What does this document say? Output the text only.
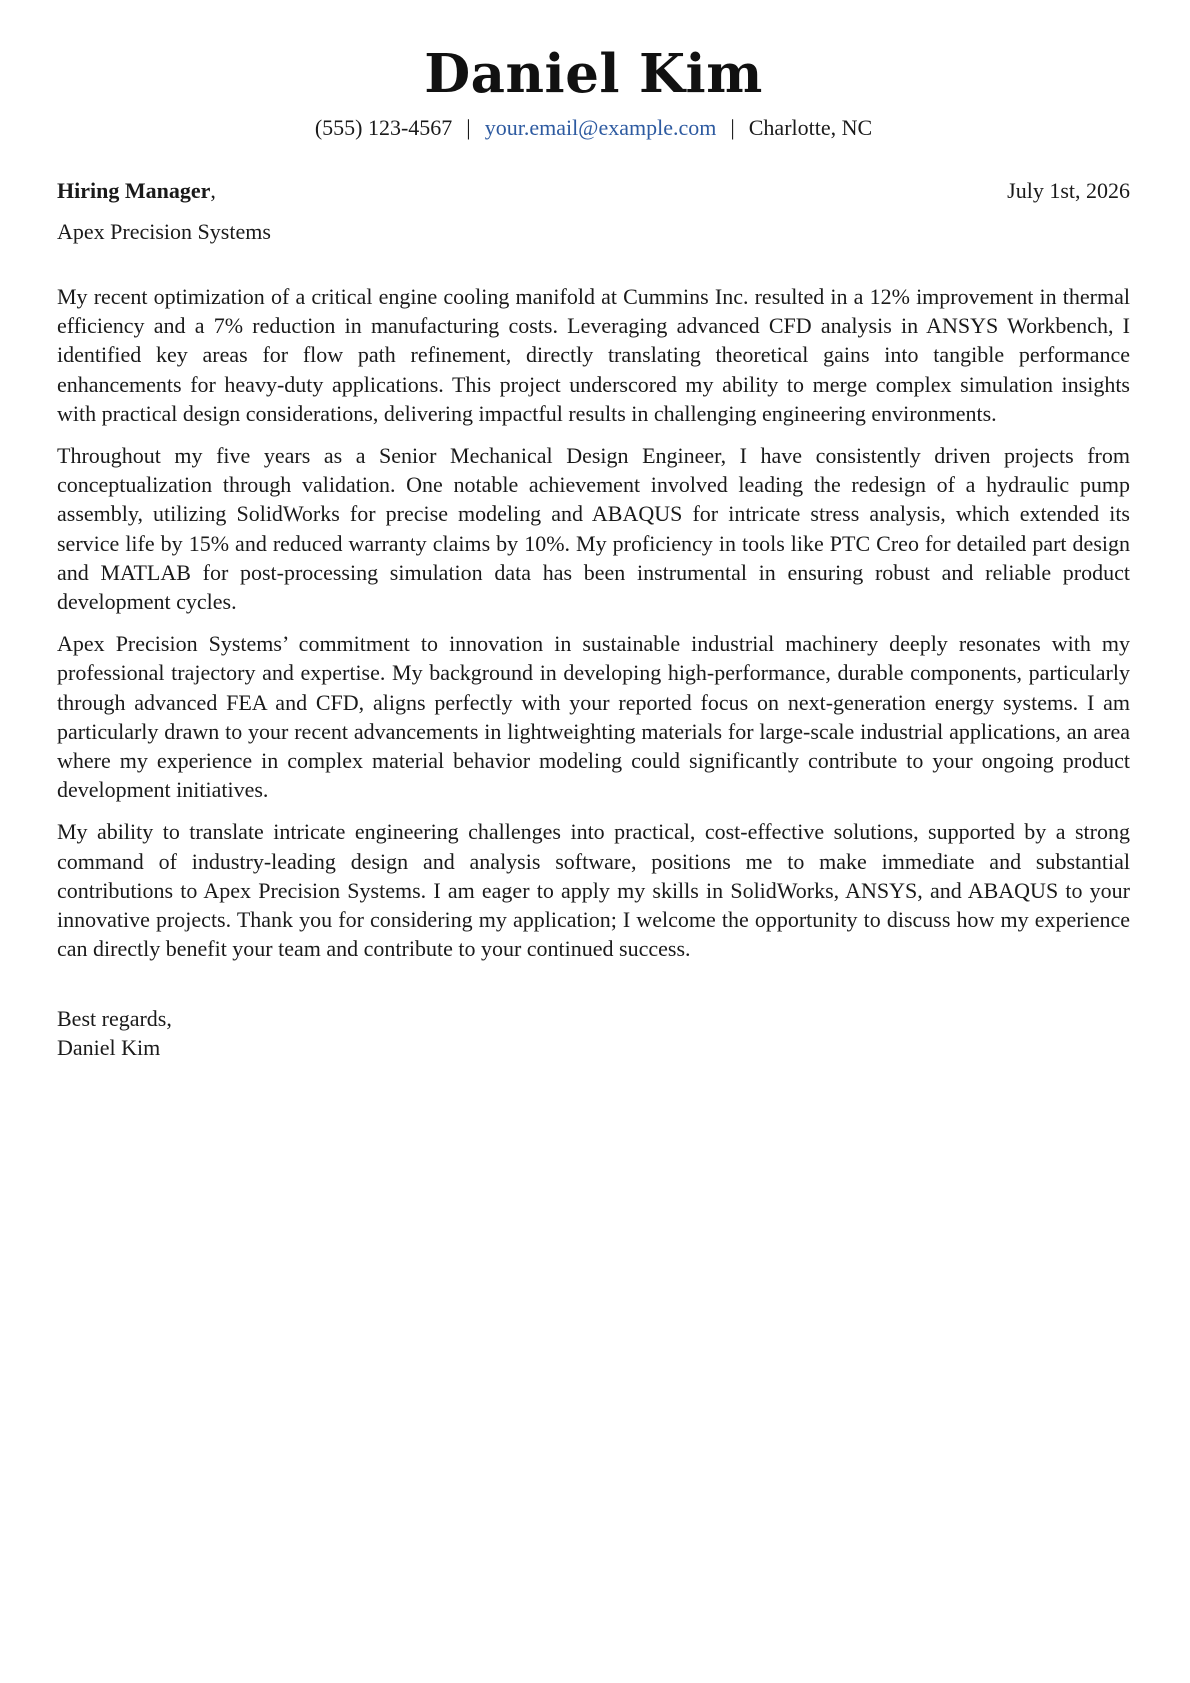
Daniel Kim
(555) 123-4567 | your.email@example.com | Charlotte, NC
Hiring Manager,	July 1st, 2026
Apex Precision Systems

My recent optimization of a critical engine cooling manifold at Cummins Inc. resulted in a 12% improvement in thermal efficiency and a 7% reduction in manufacturing costs. Leveraging advanced CFD analysis in ANSYS Workbench, I identified key areas for flow path refinement, directly translating theoretical gains into tangible performance enhancements for heavy-duty applications. This project underscored my ability to merge complex simulation insights with practical design considerations, delivering impactful results in challenging engineering environments.

Throughout my five years as a Senior Mechanical Design Engineer, I have consistently driven projects from conceptualization through validation. One notable achievement involved leading the redesign of a hydraulic pump assembly, utilizing SolidWorks for precise modeling and ABAQUS for intricate stress analysis, which extended its service life by 15% and reduced warranty claims by 10%. My proficiency in tools like PTC Creo for detailed part design and MATLAB for post-processing simulation data has been instrumental in ensuring robust and reliable product development cycles.

Apex Precision Systems’ commitment to innovation in sustainable industrial machinery deeply resonates with my professional trajectory and expertise. My background in developing high-performance, durable components, particularly through advanced FEA and CFD, aligns perfectly with your reported focus on next-generation energy systems. I am particularly drawn to your recent advancements in lightweighting materials for large-scale industrial applications, an area where my experience in complex material behavior modeling could significantly contribute to your ongoing product development initiatives.

My ability to translate intricate engineering challenges into practical, cost-effective solutions, supported by a strong command of industry-leading design and analysis software, positions me to make immediate and substantial contributions to Apex Precision Systems. I am eager to apply my skills in SolidWorks, ANSYS, and ABAQUS to your innovative projects. Thank you for considering my application; I welcome the opportunity to discuss how my experience can directly benefit your team and contribute to your continued success.

Best regards,
Daniel Kim
